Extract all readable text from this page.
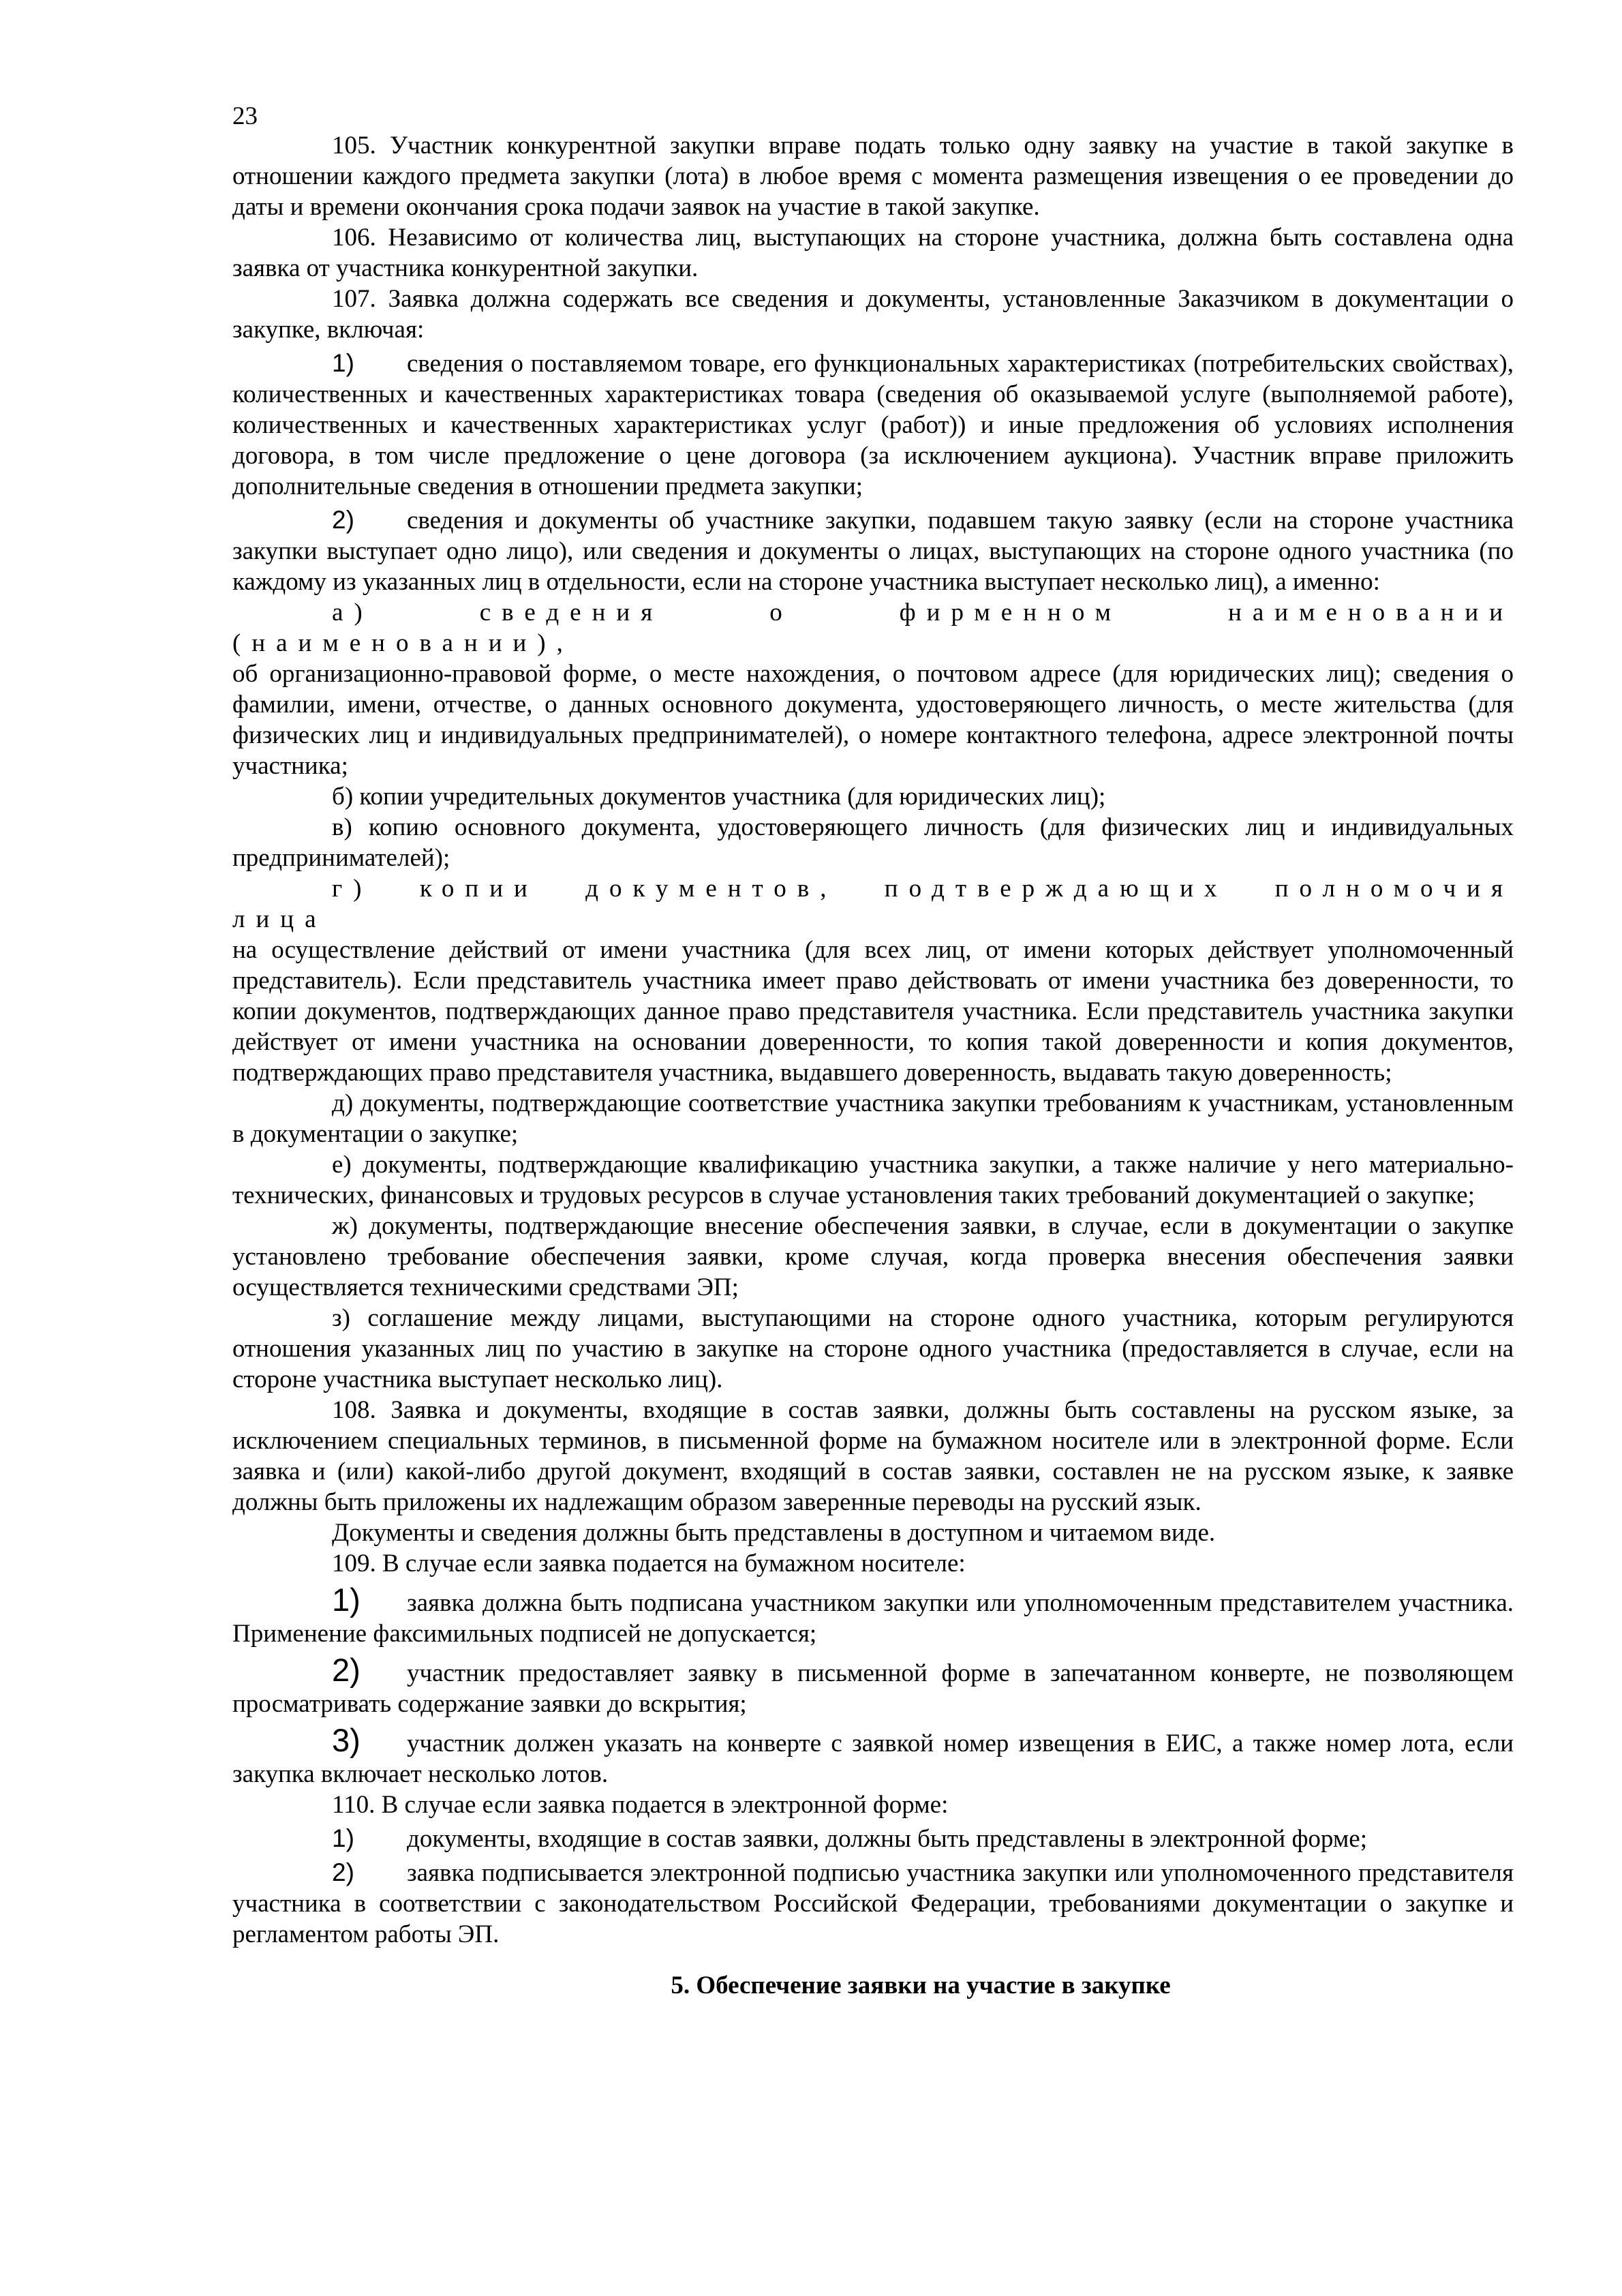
23

105. Участник конкурентной закупки вправе подать только одну заявку на участие в такой закупке в отношении каждого предмета закупки (лота) в любое время с момента размещения извещения о ее проведении до даты и времени окончания срока подачи заявок на участие в такой закупке.

106. Независимо от количества лиц, выступающих на стороне участника, должна быть составлена одна заявка от участника конкурентной закупки.

107. Заявка должна содержать все сведения и документы, установленные Заказчиком в документации о закупке, включая:

1) сведения о поставляемом товаре, его функциональных характеристиках (потребительских свойствах), количественных и качественных характеристиках товара (сведения об оказываемой услуге (выполняемой работе), количественных и качественных характеристиках услуг (работ)) и иные предложения об условиях исполнения договора, в том числе предложение о цене договора (за исключением аукциона). Участник вправе приложить дополнительные сведения в отношении предмета закупки;

2) сведения и документы об участнике закупки, подавшем такую заявку (если на стороне участника закупки выступает одно лицо), или сведения и документы о лицах, выступающих на стороне одного участника (по каждому из указанных лиц в отдельности, если на стороне участника выступает несколько лиц), а именно:

а) сведения о фирменном наименовании (наименовании),

об организационно-правовой форме, о месте нахождения, о почтовом адресе (для юридических лиц); сведения о фамилии, имени, отчестве, о данных основного документа, удостоверяющего личность, о месте жительства (для физических лиц и индивидуальных предпринимателей), о номере контактного телефона, адресе электронной почты участника;

б) копии учредительных документов участника (для юридических лиц);

в) копию основного документа, удостоверяющего личность (для физических лиц и индивидуальных предпринимателей);

г) копии документов, подтверждающих полномочия лица

на осуществление действий от имени участника (для всех лиц, от имени которых действует уполномоченный представитель). Если представитель участника имеет право действовать от имени участника без доверенности, то копии документов, подтверждающих данное право представителя участника. Если представитель участника закупки действует от имени участника на основании доверенности, то копия такой доверенности и копия документов, подтверждающих право представителя участника, выдавшего доверенность, выдавать такую доверенность;

д) документы, подтверждающие соответствие участника закупки требованиям к участникам, установленным в документации о закупке;

е) документы, подтверждающие квалификацию участника закупки, а также наличие у него материально-технических, финансовых и трудовых ресурсов в случае установления таких требований документацией о закупке;

ж) документы, подтверждающие внесение обеспечения заявки, в случае, если в документации о закупке установлено требование обеспечения заявки, кроме случая, когда проверка внесения обеспечения заявки осуществляется техническими средствами ЭП;

з) соглашение между лицами, выступающими на стороне одного участника, которым регулируются отношения указанных лиц по участию в закупке на стороне одного участника (предоставляется в случае, если на стороне участника выступает несколько лиц).

108. Заявка и документы, входящие в состав заявки, должны быть составлены на русском языке, за исключением специальных терминов, в письменной форме на бумажном носителе или в электронной форме. Если заявка и (или) какой-либо другой документ, входящий в состав заявки, составлен не на русском языке, к заявке должны быть приложены их надлежащим образом заверенные переводы на русский язык.

Документы и сведения должны быть представлены в доступном и читаемом виде.

109. В случае если заявка подается на бумажном носителе:

1) заявка должна быть подписана участником закупки или уполномоченным представителем участника. Применение факсимильных подписей не допускается;

2) участник предоставляет заявку в письменной форме в запечатанном конверте, не позволяющем просматривать содержание заявки до вскрытия;

3) участник должен указать на конверте с заявкой номер извещения в ЕИС, а также номер лота, если закупка включает несколько лотов.

110. В случае если заявка подается в электронной форме:

1) документы, входящие в состав заявки, должны быть представлены в электронной форме;

2) заявка подписывается электронной подписью участника закупки или уполномоченного представителя участника в соответствии с законодательством Российской Федерации, требованиями документации о закупке и регламентом работы ЭП.

5. Обеспечение заявки на участие в закупке
